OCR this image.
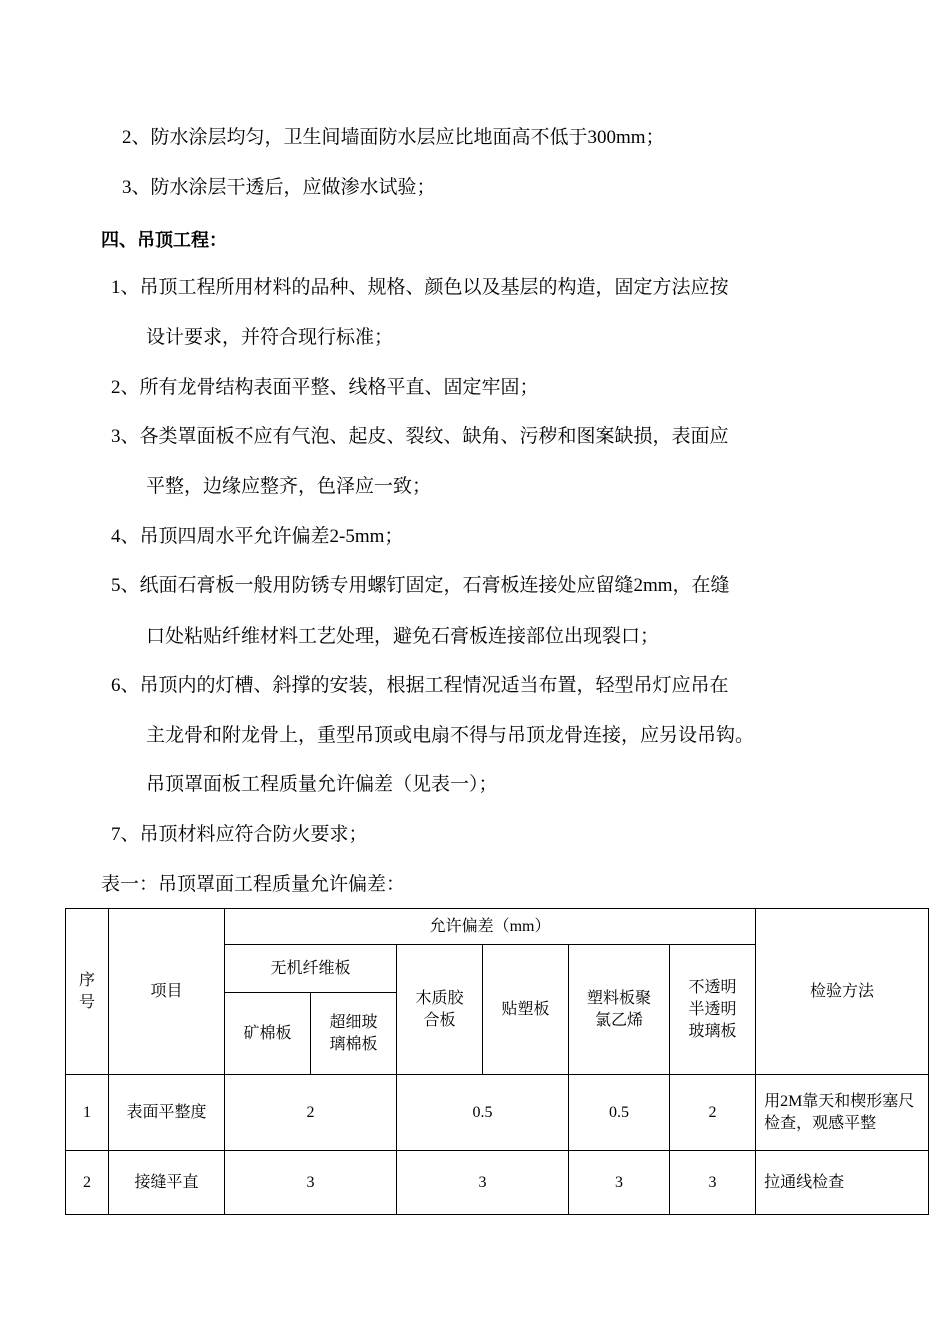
2、防水涂层均匀，卫生间墙面防水层应比地面高不低于300mm；
3、防水涂层干透后，应做渗水试验；
四、吊顶工程：
1、吊顶工程所用材料的品种、规格、颜色以及基层的构造，固定方法应按
设计要求，并符合现行标准；
2、所有龙骨结构表面平整、线格平直、固定牢固；
3、各类罩面板不应有气泡、起皮、裂纹、缺角、污秽和图案缺损，表面应
平整，边缘应整齐，色泽应一致；
4、吊顶四周水平允许偏差2-5mm；
5、纸面石膏板一般用防锈专用螺钉固定，石膏板连接处应留缝2mm，在缝
口处粘贴纤维材料工艺处理，避免石膏板连接部位出现裂口；
6、吊顶内的灯槽、斜撑的安装，根据工程情况适当布置，轻型吊灯应吊在
主龙骨和附龙骨上，重型吊顶或电扇不得与吊顶龙骨连接，应另设吊钩。
吊顶罩面板工程质量允许偏差（见表一）；
7、吊顶材料应符合防火要求；
表一：吊顶罩面工程质量允许偏差：
序号	项目	允许偏差（mm）						检验方法
		无机纤维板		木质胶合板	贴塑板	塑料板聚氯乙烯	不透明半透明玻璃板	
		矿棉板	超细玻璃棉板					
1	表面平整度	2		0.5		0.5	2	用2M靠天和楔形塞尺检查，观感平整
2	接缝平直	3		3		3	3	拉通线检查
